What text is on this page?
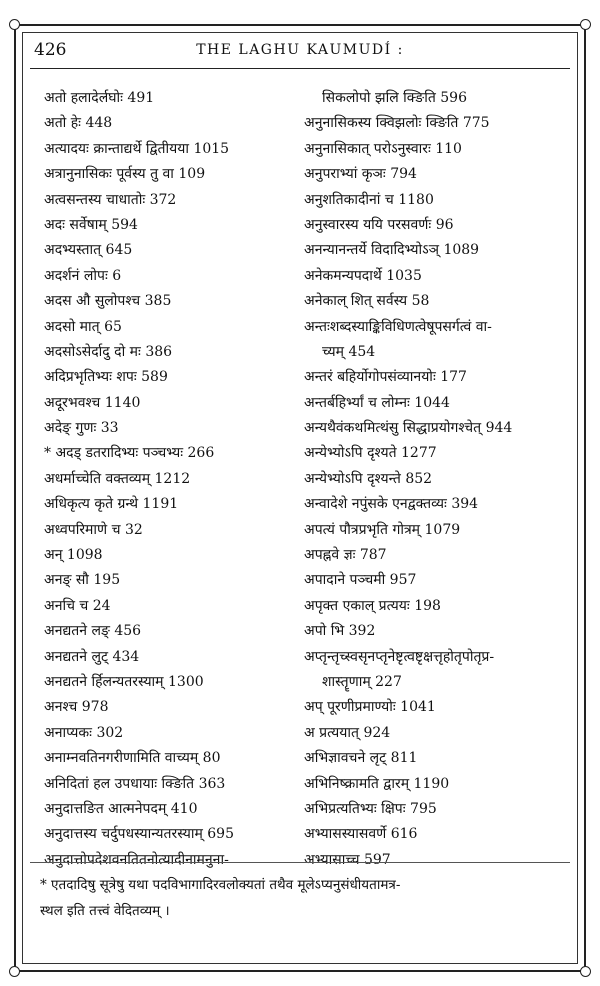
426	THE LAGHU KAUMUDÍ :
अतो हलादेर्लघोः 491
अतो हेः 448
अत्यादयः क्रान्ताद्यर्थे द्वितीयया 1015
अत्रानुनासिकः पूर्वस्य तु वा 109
अत्वसन्तस्य चाधातोः 372
अदः सर्वेषाम् 594
अदभ्यस्तात् 645
अदर्शनं लोपः 6
अदस औ सुलोपश्च 385
अदसो मात् 65
अदसोऽसेर्दादु दो मः 386
अदिप्रभृतिभ्यः शपः 589
अदूरभवश्च 1140
अदेङ् गुणः 33
* अदड् डतरादिभ्यः पञ्चभ्यः 266
अधर्माच्चेति वक्तव्यम् 1212
अधिकृत्य कृते ग्रन्थे 1191
अध्वपरिमाणे च 32
अन् 1098
अनङ् सौ 195
अनचि च 24
अनद्यतने लङ् 456
अनद्यतने लुट् 434
अनद्यतने र्हिलन्यतरस्याम् 1300
अनश्च 978
अनाप्यकः 302
अनाम्नवतिनगरीणामिति वाच्यम् 80
अनिदितां हल उपधायाः क्ङिति 363
अनुदात्तङित आत्मनेपदम् 410
अनुदात्तस्य चर्दुपधस्यान्यतरस्याम् 695
अनुदात्तोपदेशवनतितनोत्यादीनामनुना-
सिकलोपो झलि क्ङिति 596
अनुनासिकस्य क्विझलोः क्ङिति 775
अनुनासिकात् परोऽनुस्वारः 110
अनुपराभ्यां कृञः 794
अनुशतिकादीनां च 1180
अनुस्वारस्य ययि परसवर्णः 96
अनन्यानन्तर्ये विदादिभ्योऽञ् 1089
अनेकमन्यपदार्थे 1035
अनेकाल् शित् सर्वस्य 58
अन्तःशब्दस्याङ्किविधिणत्वेषूपसर्गत्वं वा-
च्यम् 454
अन्तरं बहिर्योगोपसंव्यानयोः 177
अन्तर्बहिर्भ्यां च लोम्नः 1044
अन्यथैवंकथमित्थंसु सिद्धाप्रयोगश्चेत् 944
अन्येभ्योऽपि दृश्यते 1277
अन्येभ्योऽपि दृश्यन्ते 852
अन्वादेशे नपुंसके एनद्वक्तव्यः 394
अपत्यं पौत्रप्रभृति गोत्रम् 1079
अपह्नवे ज्ञः 787
अपादाने पञ्चमी 957
अपृक्त एकाल् प्रत्ययः 198
अपो भि 392
अप्तृन्तृच्स्वसृनप्तृनेष्टृत्वष्टृक्षत्तृहोतृपोतृप्र-
शास्तॄणाम् 227
अप् पूरणीप्रमाण्योः 1041
अ प्रत्ययात् 924
अभिज्ञावचने लृट् 811
अभिनिष्क्रामति द्वारम् 1190
अभिप्रत्यतिभ्यः क्षिपः 795
अभ्यासस्यासवर्णे 616
अभ्यासाच्च 597
* एतदादिषु सूत्रेषु यथा पदविभागादिरवलोक्यतां तथैव मूलेऽप्यनुसंधीयतामत्र-
स्थल इति तत्त्वं वेदितव्यम् ।
